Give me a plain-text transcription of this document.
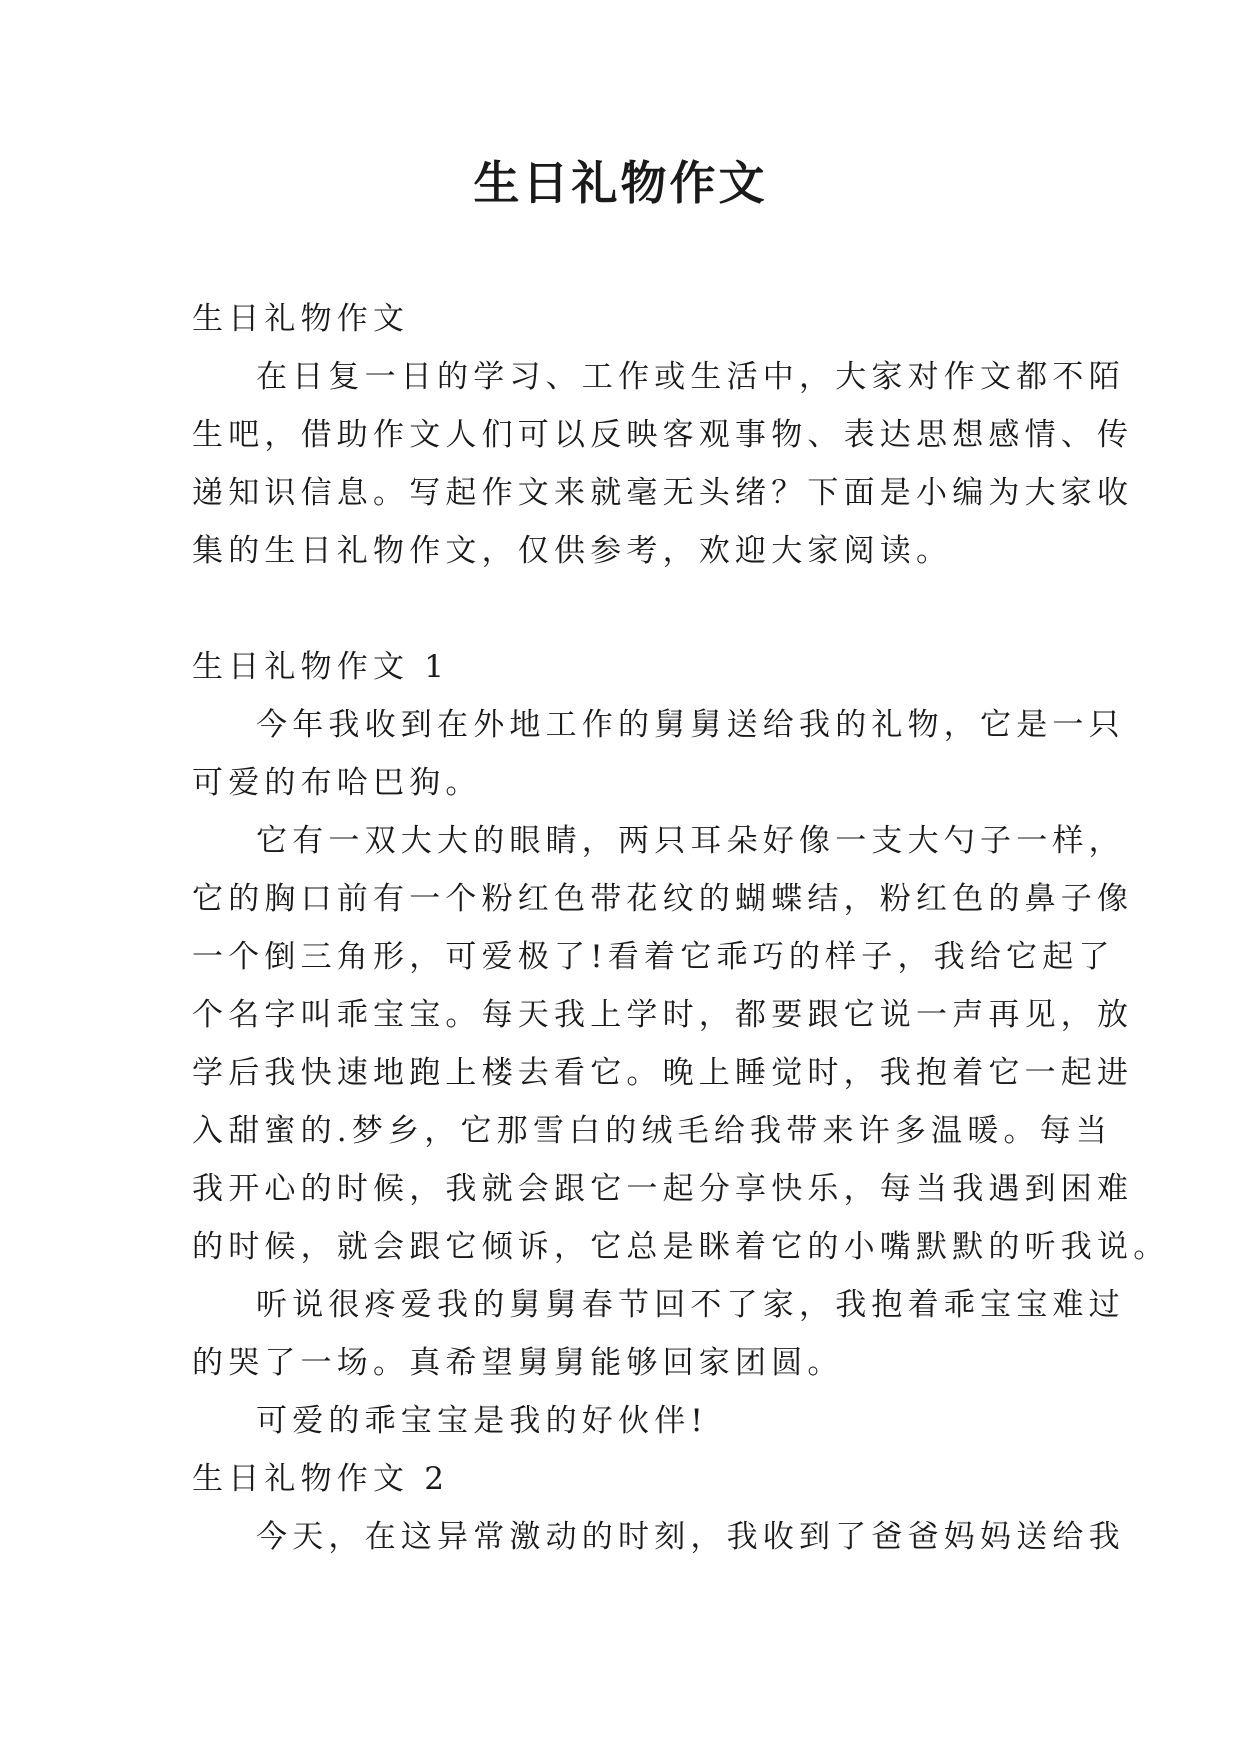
生日礼物作文

生日礼物作文

在日复一日的学习、工作或生活中，大家对作文都不陌

生吧，借助作文人们可以反映客观事物、表达思想感情、传

递知识信息。写起作文来就毫无头绪？下面是小编为大家收

集的生日礼物作文，仅供参考，欢迎大家阅读。

生日礼物作文 1

今年我收到在外地工作的舅舅送给我的礼物，它是一只

可爱的布哈巴狗。

它有一双大大的眼睛，两只耳朵好像一支大勺子一样，

它的胸口前有一个粉红色带花纹的蝴蝶结，粉红色的鼻子像

一个倒三角形，可爱极了!看着它乖巧的样子，我给它起了

个名字叫乖宝宝。每天我上学时，都要跟它说一声再见，放

学后我快速地跑上楼去看它。晚上睡觉时，我抱着它一起进

入甜蜜的.梦乡，它那雪白的绒毛给我带来许多温暖。每当

我开心的时候，我就会跟它一起分享快乐，每当我遇到困难

的时候，就会跟它倾诉，它总是眯着它的小嘴默默的听我说。

听说很疼爱我的舅舅春节回不了家，我抱着乖宝宝难过

的哭了一场。真希望舅舅能够回家团圆。

可爱的乖宝宝是我的好伙伴!

生日礼物作文 2

今天，在这异常激动的时刻，我收到了爸爸妈妈送给我
